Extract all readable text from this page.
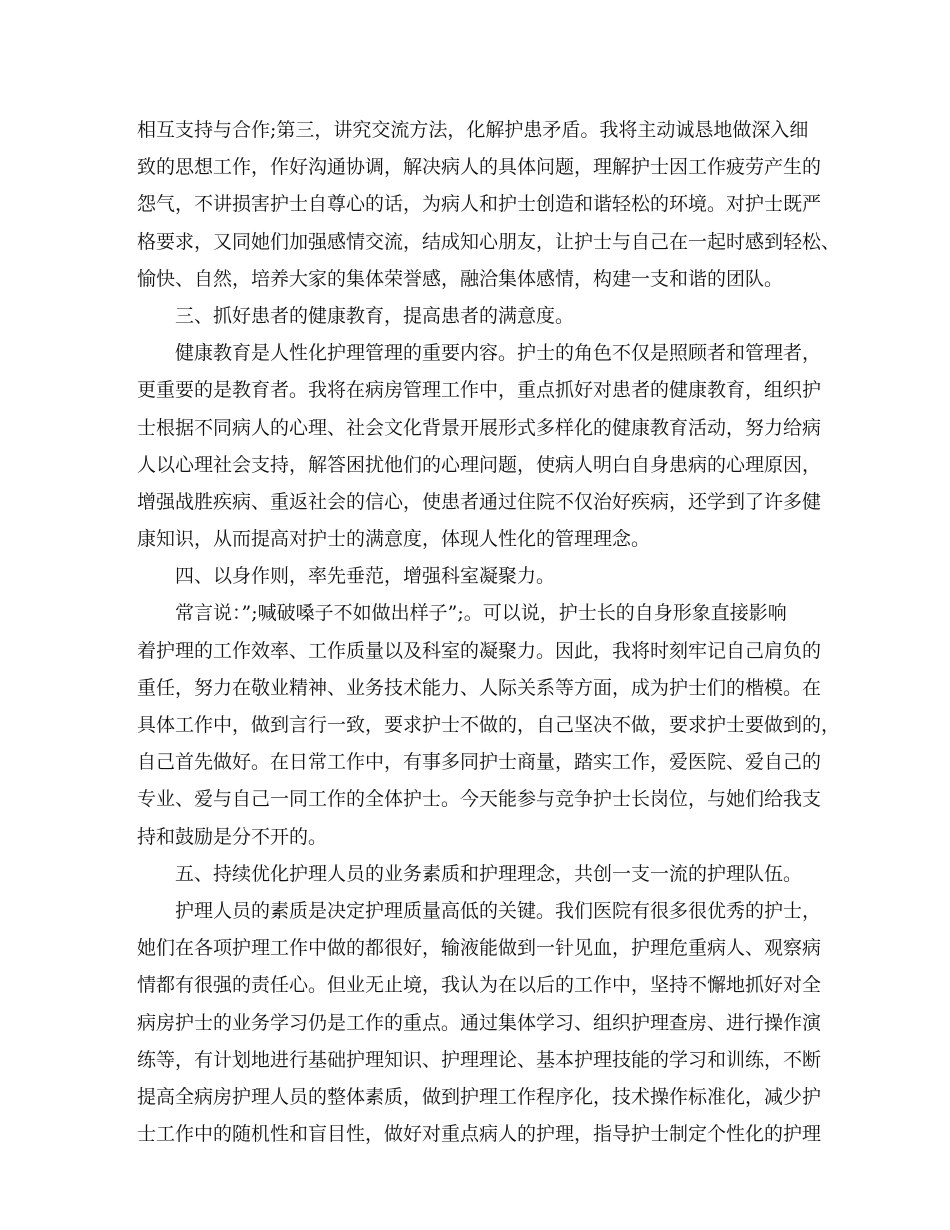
相互支持与合作;第三，讲究交流方法，化解护患矛盾。我将主动诚恳地做深入细
致的思想工作，作好沟通协调，解决病人的具体问题，理解护士因工作疲劳产生的
怨气，不讲损害护士自尊心的话，为病人和护士创造和谐轻松的环境。对护士既严
格要求，又同她们加强感情交流，结成知心朋友，让护士与自己在一起时感到轻松、
愉快、自然，培养大家的集体荣誉感，融洽集体感情，构建一支和谐的团队。
三、抓好患者的健康教育，提高患者的满意度。
健康教育是人性化护理管理的重要内容。护士的角色不仅是照顾者和管理者，
更重要的是教育者。我将在病房管理工作中，重点抓好对患者的健康教育，组织护
士根据不同病人的心理、社会文化背景开展形式多样化的健康教育活动，努力给病
人以心理社会支持，解答困扰他们的心理问题，使病人明白自身患病的心理原因，
增强战胜疾病、重返社会的信心，使患者通过住院不仅治好疾病，还学到了许多健
康知识，从而提高对护士的满意度，体现人性化的管理理念。
四、以身作则，率先垂范，增强科室凝聚力。
常言说：”;喊破嗓子不如做出样子”;。可以说，护士长的自身形象直接影响
着护理的工作效率、工作质量以及科室的凝聚力。因此，我将时刻牢记自己肩负的
重任，努力在敬业精神、业务技术能力、人际关系等方面，成为护士们的楷模。在
具体工作中，做到言行一致，要求护士不做的，自己坚决不做，要求护士要做到的，
自己首先做好。在日常工作中，有事多同护士商量，踏实工作，爱医院、爱自己的
专业、爱与自己一同工作的全体护士。今天能参与竞争护士长岗位，与她们给我支
持和鼓励是分不开的。
五、持续优化护理人员的业务素质和护理理念，共创一支一流的护理队伍。
护理人员的素质是决定护理质量高低的关键。我们医院有很多很优秀的护士，
她们在各项护理工作中做的都很好，输液能做到一针见血，护理危重病人、观察病
情都有很强的责任心。但业无止境，我认为在以后的工作中，坚持不懈地抓好对全
病房护士的业务学习仍是工作的重点。通过集体学习、组织护理查房、进行操作演
练等，有计划地进行基础护理知识、护理理论、基本护理技能的学习和训练，不断
提高全病房护理人员的整体素质，做到护理工作程序化，技术操作标准化，减少护
士工作中的随机性和盲目性，做好对重点病人的护理，指导护士制定个性化的护理
